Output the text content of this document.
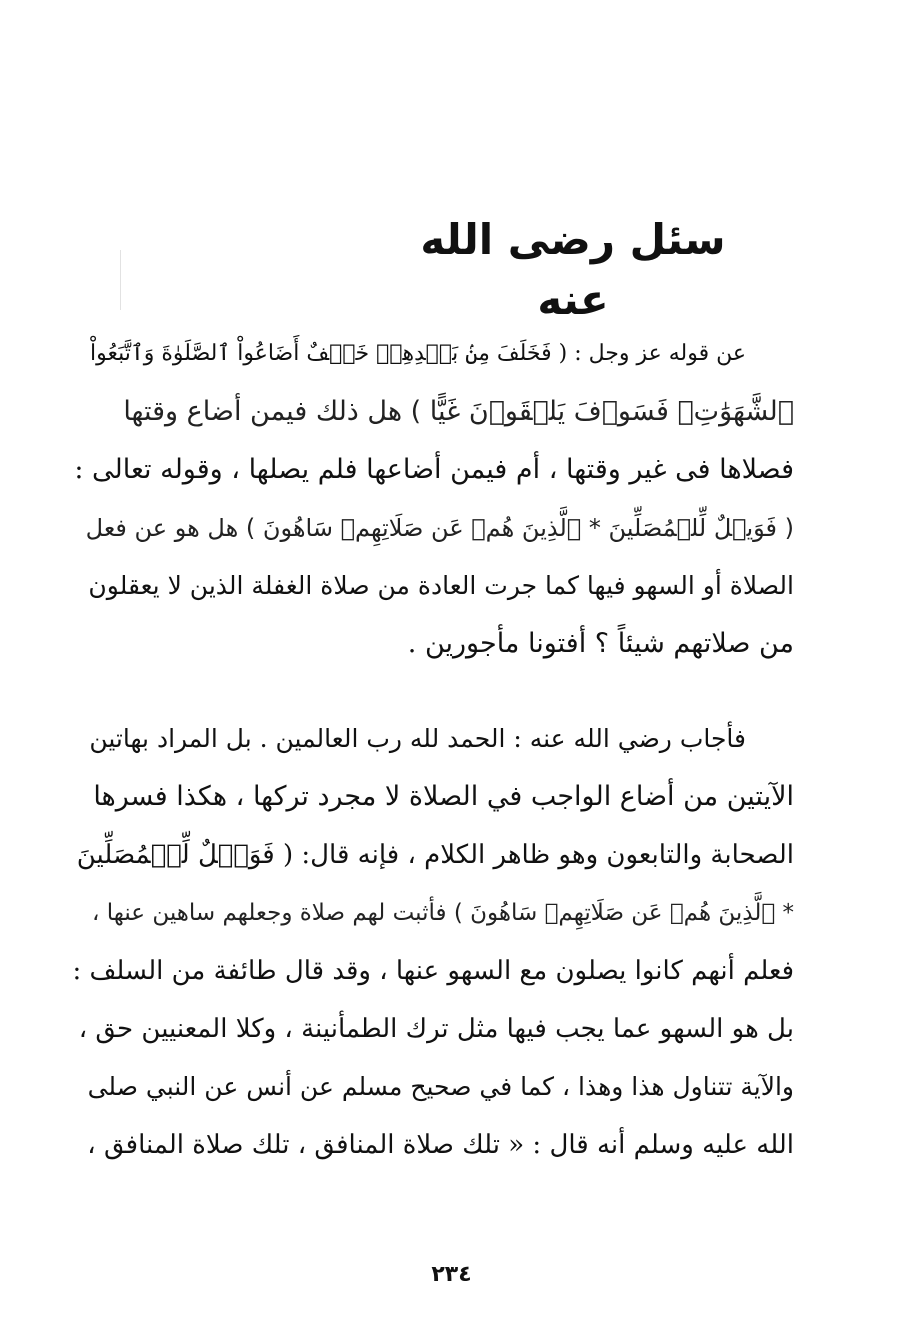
سئل رضى الله عنه
عن قوله عز وجل : ( فَخَلَفَ مِنۢ بَعۡدِهِمۡ خَلۡفٌ أَضَاعُواْ ٱلصَّلَوٰةَ وَٱتَّبَعُواْ
ٱلشَّهَوَٰتِۖ فَسَوۡفَ يَلۡقَوۡنَ غَيًّا ) هل ذلك فيمن أضاع وقتها
فصلاها فى غير وقتها ، أم فيمن أضاعها فلم يصلها ، وقوله تعالى :
( فَوَيۡلٌ لِّلۡمُصَلِّينَ * ٱلَّذِينَ هُمۡ عَن صَلَاتِهِمۡ سَاهُونَ ) هل هو عن فعل
الصلاة أو السهو فيها كما جرت العادة من صلاة الغفلة الذين لا يعقلون
من صلاتهم شيئاً ؟ أفتونا مأجورين .
فأجاب رضي الله عنه : الحمد لله رب العالمين . بل المراد بهاتين
الآيتين من أضاع الواجب في الصلاة لا مجرد تركها ، هكذا فسرها
الصحابة والتابعون وهو ظاهر الكلام ، فإنه قال: ( فَوَيۡلٌ لِّلۡمُصَلِّينَ
* ٱلَّذِينَ هُمۡ عَن صَلَاتِهِمۡ سَاهُونَ ) فأثبت لهم صلاة وجعلهم ساهين عنها ،
فعلم أنهم كانوا يصلون مع السهو عنها ، وقد قال طائفة من السلف :
بل هو السهو عما يجب فيها مثل ترك الطمأنينة ، وكلا المعنيين حق ،
والآية تتناول هذا وهذا ، كما في صحيح مسلم عن أنس عن النبي صلى
الله عليه وسلم أنه قال : « تلك صلاة المنافق ، تلك صلاة المنافق ،
٢٣٤
